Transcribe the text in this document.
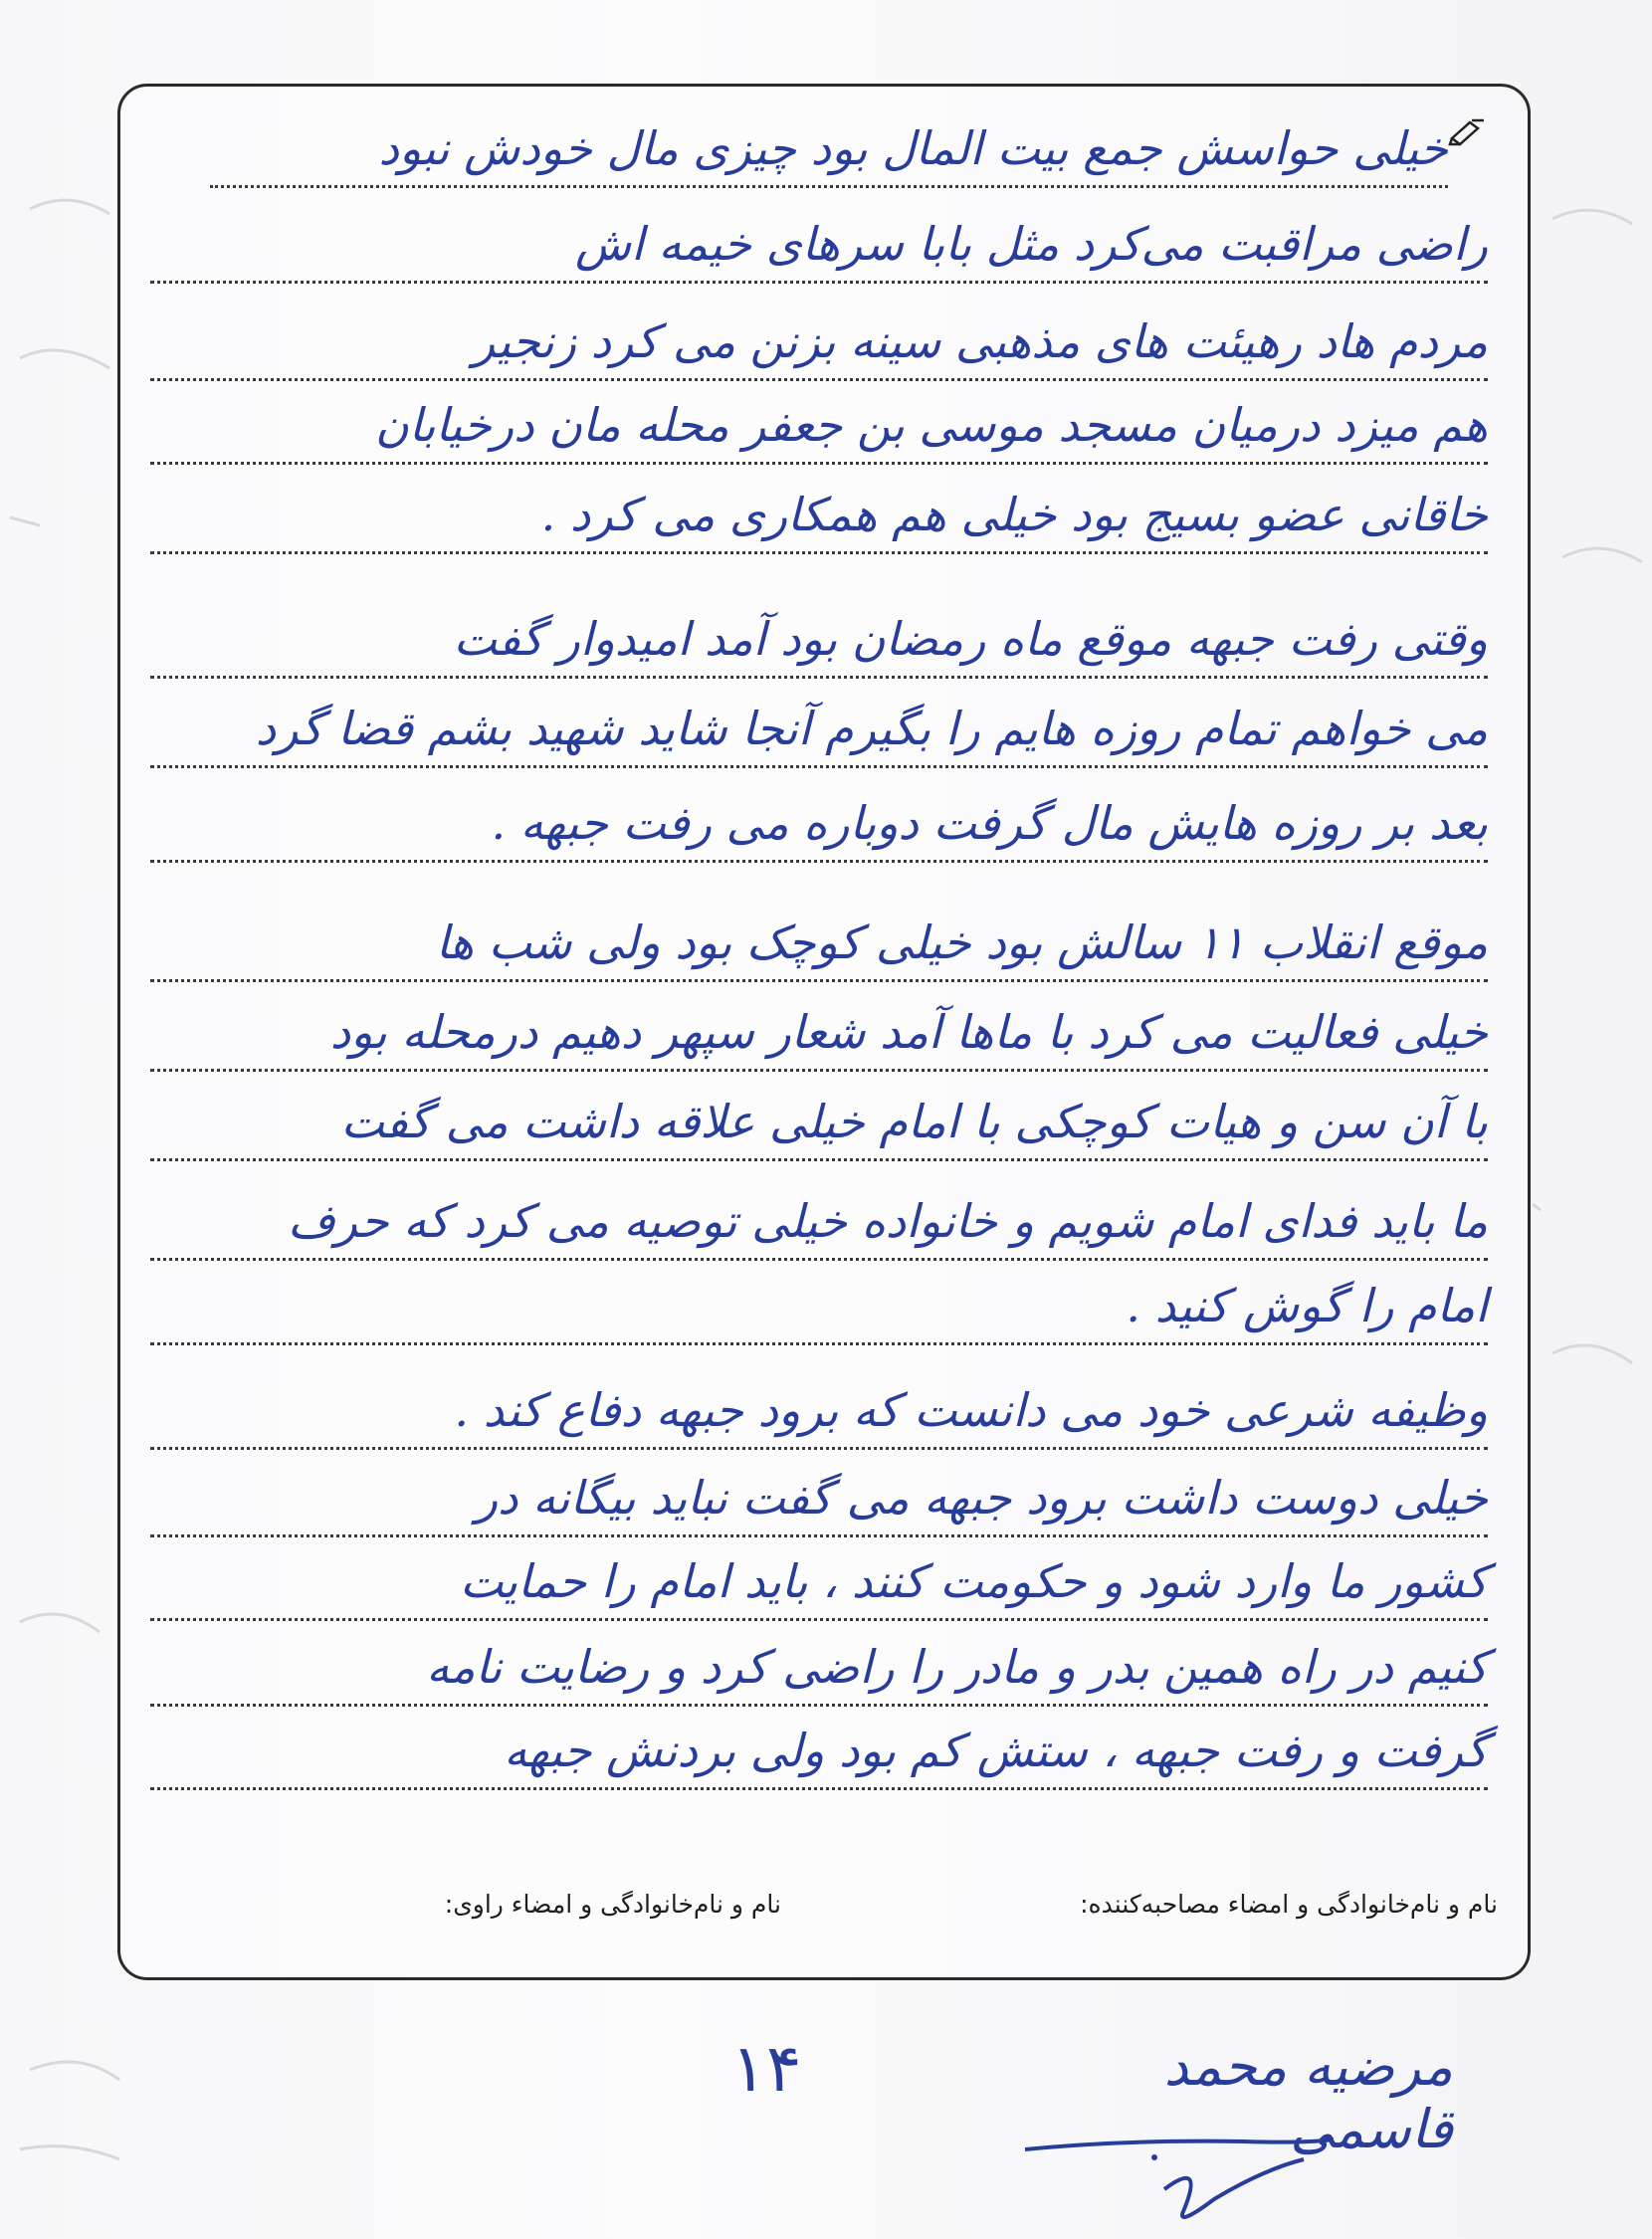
خیلی حواسش جمع بیت المال بود چیزی مال خودش نبود
راضی مراقبت می‌کرد مثل بابا سرهای خیمه اش
مردم هاد رهیئت های مذهبی سینه بزنن می کرد زنجیر
هم میزد درمیان مسجد موسی بن جعفر محله مان درخیابان
خاقانی عضو بسیج بود خیلی هم همکاری می کرد .
وقتی رفت جبهه موقع ماه رمضان بود آمد امیدوار گفت
می خواهم تمام روزه هایم را بگیرم آنجا شاید شهید بشم قضا گرد
بعد بر روزه هایش مال گرفت دوباره می رفت جبهه .
موقع انقلاب ۱۱ سالش بود خیلی کوچک بود ولی شب ها
خیلی فعالیت می کرد با ماها آمد شعار سپهر دهیم درمحله بود
با آن سن و هیات کوچکی با امام خیلی علاقه داشت می گفت
ما باید فدای امام شویم و خانواده خیلی توصیه می کرد که حرف
امام را گوش کنید .
وظیفه شرعی خود می دانست که برود جبهه دفاع کند .
خیلی دوست داشت برود جبهه می گفت نباید بیگانه در
کشور ما وارد شود و حکومت کنند ، باید امام را حمایت
کنیم در راه همین بدر و مادر را راضی کرد و رضایت نامه
گرفت و رفت جبهه ، ستش کم بود ولی بردنش جبهه
نام و نام‌خانوادگی و امضاء مصاحبه‌کننده:
نام و نام‌خانوادگی و امضاء راوی:
۱۴	مرضیه محمد قاسمی
